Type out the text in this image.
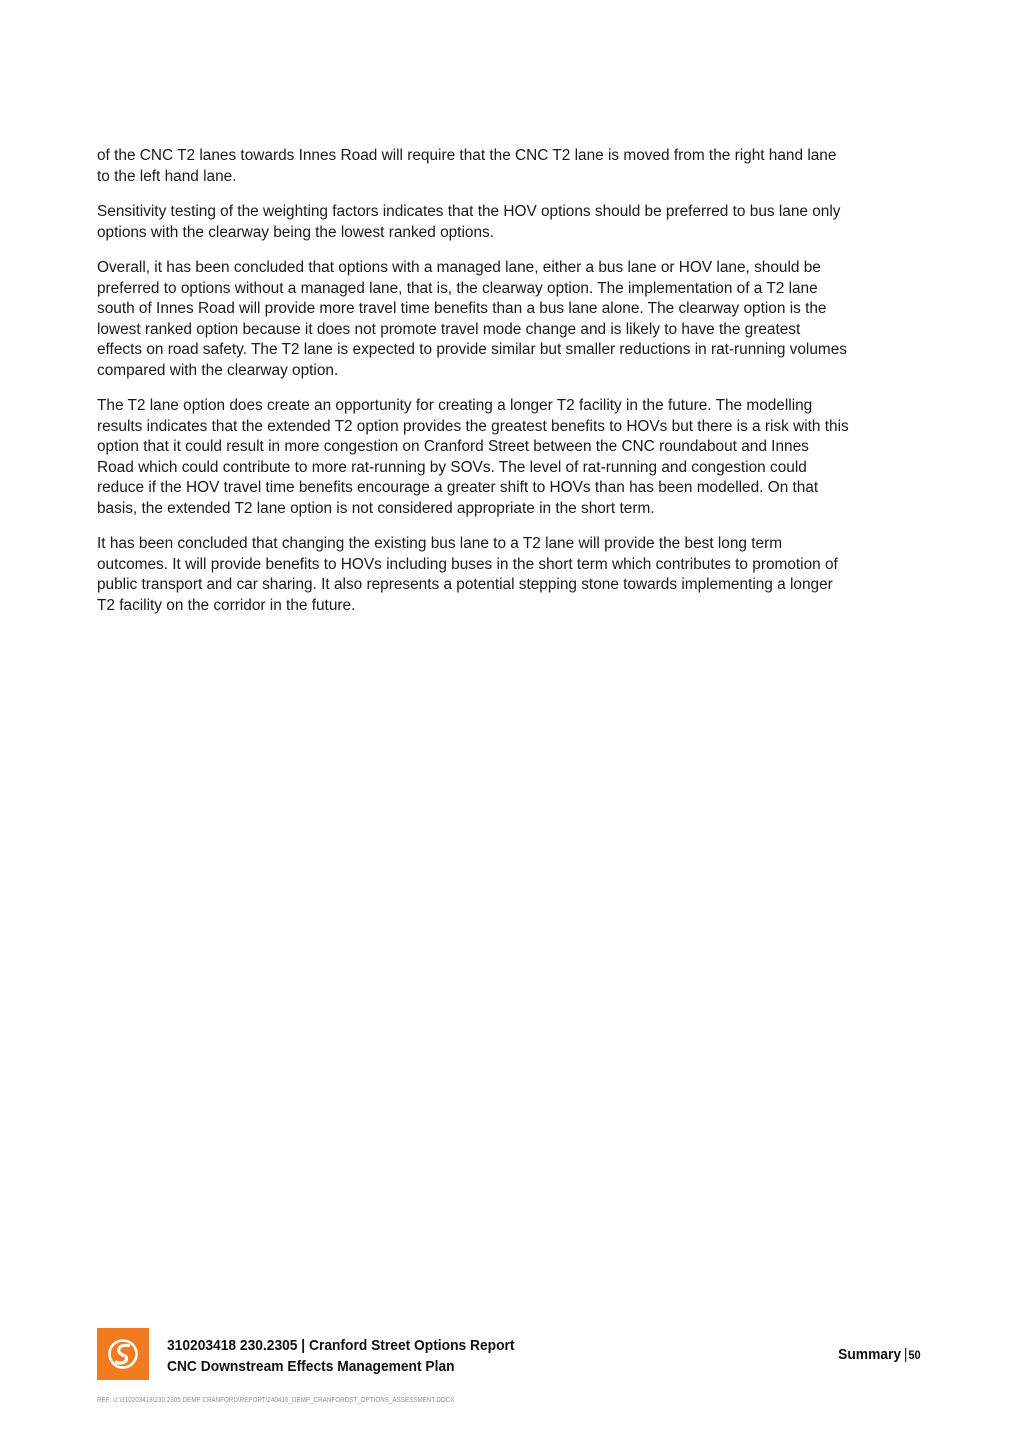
of the CNC T2 lanes towards Innes Road will require that the CNC T2 lane is moved from the right hand lane
to the left hand lane.

Sensitivity testing of the weighting factors indicates that the HOV options should be preferred to bus lane only
options with the clearway being the lowest ranked options.

Overall, it has been concluded that options with a managed lane, either a bus lane or HOV lane, should be
preferred to options without a managed lane, that is, the clearway option. The implementation of a T2 lane
south of Innes Road will provide more travel time benefits than a bus lane alone. The clearway option is the
lowest ranked option because it does not promote travel mode change and is likely to have the greatest
effects on road safety. The T2 lane is expected to provide similar but smaller reductions in rat-running volumes
compared with the clearway option.

The T2 lane option does create an opportunity for creating a longer T2 facility in the future. The modelling
results indicates that the extended T2 option provides the greatest benefits to HOVs but there is a risk with this
option that it could result in more congestion on Cranford Street between the CNC roundabout and Innes
Road which could contribute to more rat-running by SOVs. The level of rat-running and congestion could
reduce if the HOV travel time benefits encourage a greater shift to HOVs than has been modelled. On that
basis, the extended T2 lane option is not considered appropriate in the short term.

It has been concluded that changing the existing bus lane to a T2 lane will provide the best long term
outcomes. It will provide benefits to HOVs including buses in the short term which contributes to promotion of
public transport and car sharing. It also represents a potential stepping stone towards implementing a longer
T2 facility on the corridor in the future.

310203418 230.2305 | Cranford Street Options Report
CNC Downstream Effects Management Plan
Summary |50
REF: U:\310203418\230.2305 DEMP CRANFORD\REPORT\240416_DEMP_CRANFORDST_OPTIONS_ASSESSMENT.DOCX
